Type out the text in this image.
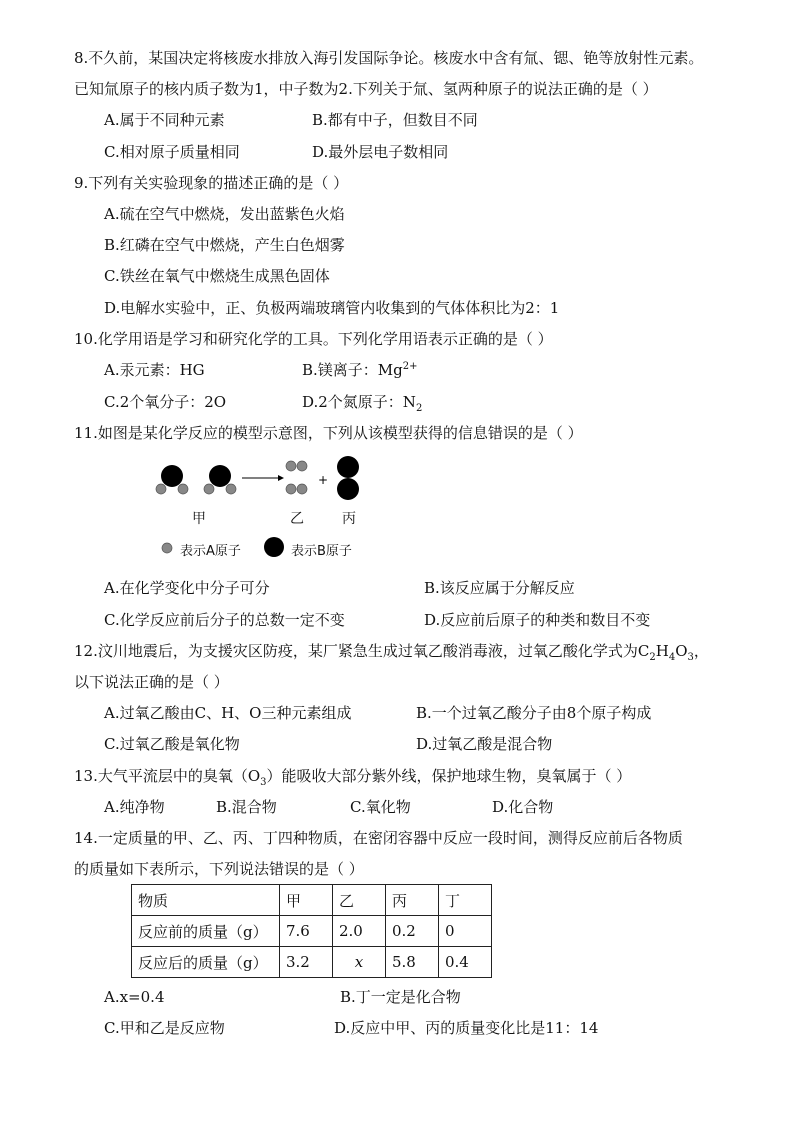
8.不久前，某国决定将核废水排放入海引发国际争论。核废水中含有氚、锶、铯等放射性元素。
已知氚原子的核内质子数为1，中子数为2.下列关于氚、氢两种原子的说法正确的是（ ）
A.属于不同种元素	B.都有中子，但数目不同
C.相对原子质量相同	D.最外层电子数相同
9.下列有关实验现象的描述正确的是（ ）
A.硫在空气中燃烧，发出蓝紫色火焰
B.红磷在空气中燃烧，产生白色烟雾
C.铁丝在氧气中燃烧生成黑色固体
D.电解水实验中，正、负极两端玻璃管内收集到的气体体积比为2：1
10.化学用语是学习和研究化学的工具。下列化学用语表示正确的是（ ）
A.汞元素：HG	B.镁离子：$Mg^{2+}$
C.2个氧分子：2O	D.2个氮原子：$N_2$
11.如图是某化学反应的模型示意图，下列从该模型获得的信息错误的是（ ）
+
甲	乙	丙
表示A原子	表示B原子
A.在化学变化中分子可分	B.该反应属于分解反应
C.化学反应前后分子的总数一定不变	D.反应前后原子的种类和数目不变
12.汶川地震后，为支援灾区防疫，某厂紧急生成过氧乙酸消毒液，过氧乙酸化学式为$C_2H_4O_3$，
以下说法正确的是（ ）
A.过氧乙酸由C、H、O三种元素组成	B.一个过氧乙酸分子由8个原子构成
C.过氧乙酸是氧化物	D.过氧乙酸是混合物
13.大气平流层中的臭氧$(O_3)$能吸收大部分紫外线，保护地球生物，臭氧属于（ ）
A.纯净物	B.混合物	C.氧化物	D.化合物
14.一定质量的甲、乙、丙、丁四种物质，在密闭容器中反应一段时间，测得反应前后各物质
的质量如下表所示，下列说法错误的是（ ）
物质	甲	乙	丙	丁
反应前的质量（g）	7.6	2.0	0.2	0
反应后的质量（g）	3.2	x	5.8	0.4
A.x=0.4	B.丁一定是化合物
C.甲和乙是反应物	D.反应中甲、丙的质量变化比是11：14
